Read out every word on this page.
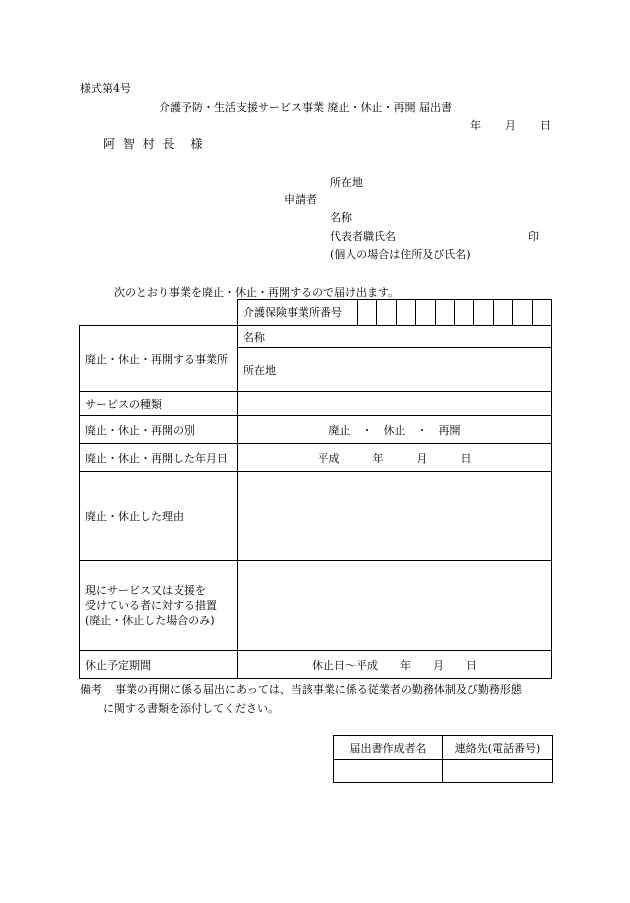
様式第4号
介護予防・生活支援サービス事業 廃止・休止・再開 届出書
年 月 日
阿 智 村 長　様
所在地
申請者
名称
代表者職氏名	印
(個人の場合は住所及び氏名)
次のとおり事業を廃止・休止・再開するので届け出ます。

	介護保険事業所番号

廃止・休止・再開する事業所	名称
	所在地
サービスの種類	
廃止・休止・再開の別	廃止　・　休止　・　再開
廃止・休止・再開した年月日	平成　　　年　　　月　　　日
廃止・休止した理由	
現にサービス又は支援を
受けている者に対する措置
(廃止・休止した場合のみ)	
休止予定期間	休止日～平成　　年　　月　　日
備考 事業の再開に係る届出にあっては、当該事業に係る従業者の勤務体制及び勤務形態
に関する書類を添付してください。
届出書作成者名	連絡先(電話番号)
